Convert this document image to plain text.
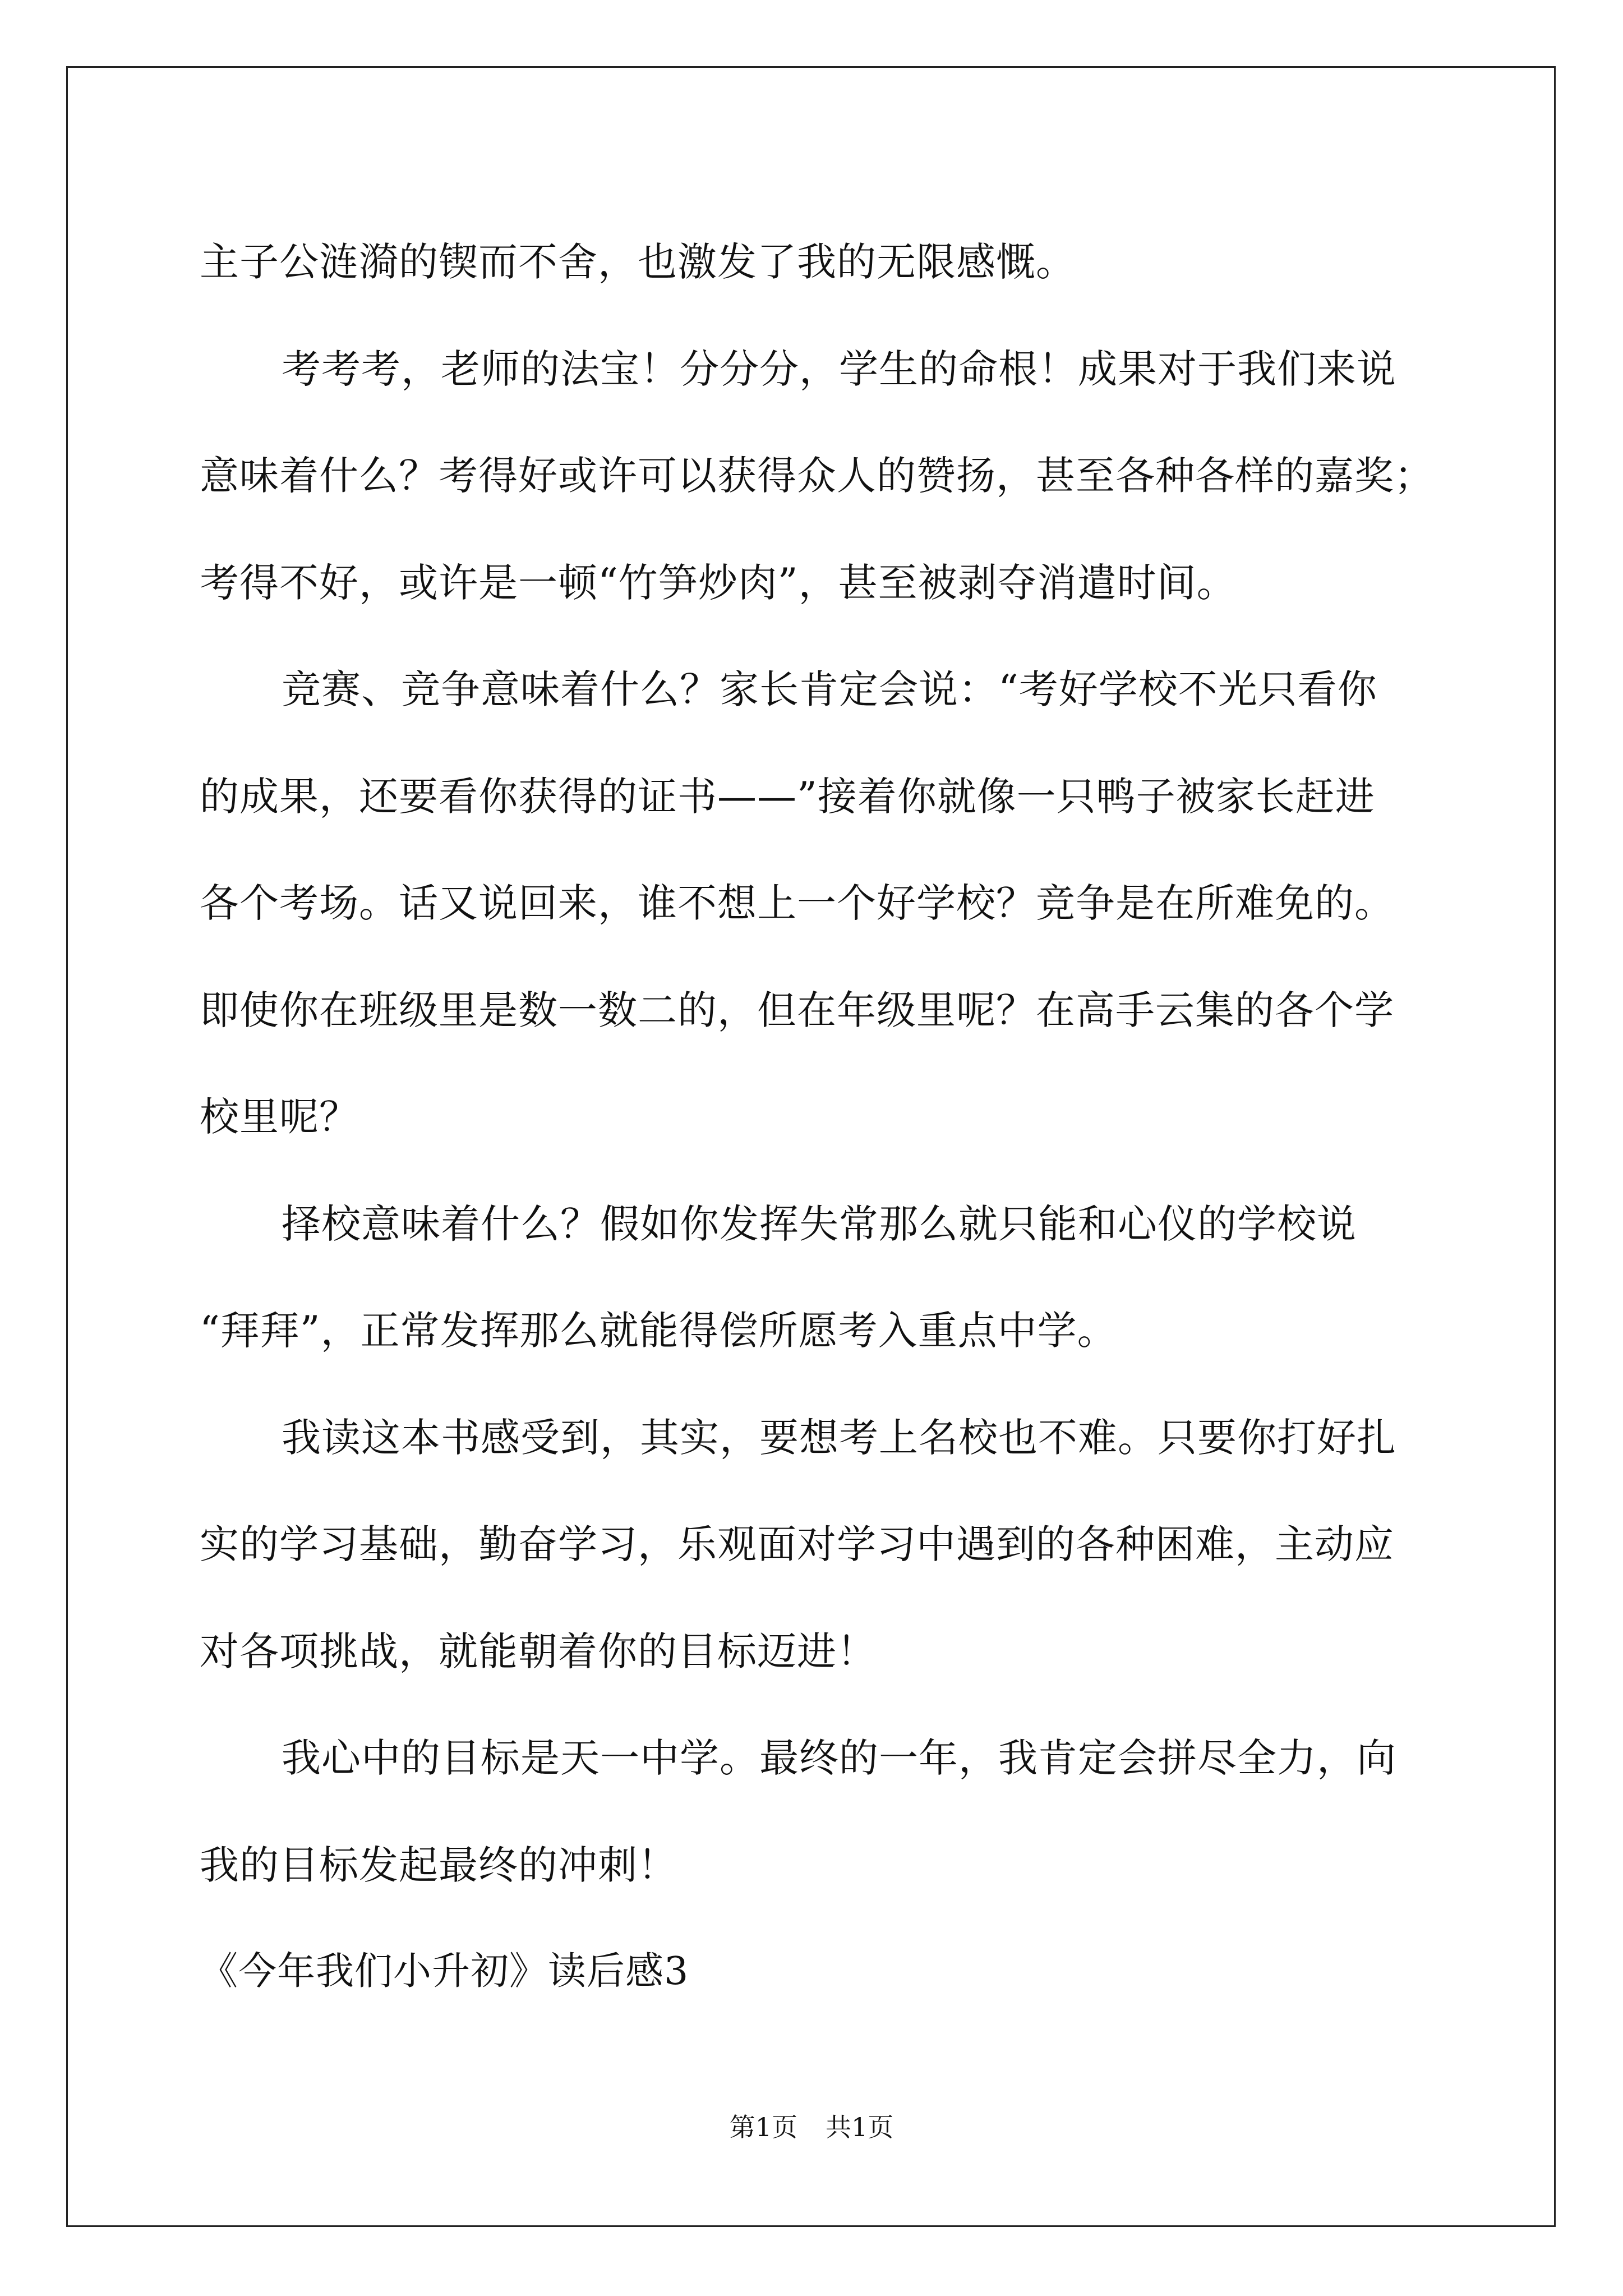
主子公涟漪的锲而不舍，也激发了我的无限感慨。
考考考，老师的法宝！分分分，学生的命根！成果对于我们来说
意味着什么？考得好或许可以获得众人的赞扬，甚至各种各样的嘉奖；
考得不好，或许是一顿“竹笋炒肉”，甚至被剥夺消遣时间。
竞赛、竞争意味着什么？家长肯定会说：“考好学校不光只看你
的成果，还要看你获得的证书——”接着你就像一只鸭子被家长赶进
各个考场。话又说回来，谁不想上一个好学校？竞争是在所难免的。
即使你在班级里是数一数二的，但在年级里呢？在高手云集的各个学
校里呢？
择校意味着什么？假如你发挥失常那么就只能和心仪的学校说
“拜拜”，正常发挥那么就能得偿所愿考入重点中学。
我读这本书感受到，其实，要想考上名校也不难。只要你打好扎
实的学习基础，勤奋学习，乐观面对学习中遇到的各种困难，主动应
对各项挑战，就能朝着你的目标迈进！
我心中的目标是天一中学。最终的一年，我肯定会拼尽全力，向
我的目标发起最终的冲刺！
《今年我们小升初》读后感3
第1页 共1页
